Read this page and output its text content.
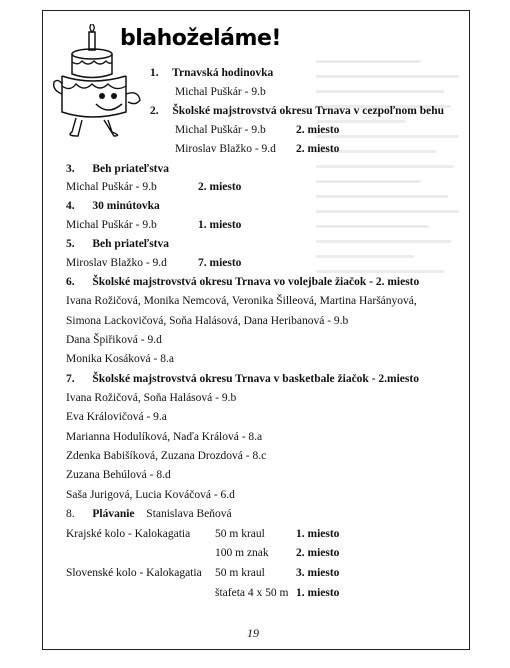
blahoželáme!
1. Trnavská hodinovka
Michal Puškár - 9.b
2. Školské majstrovstvá okresu Trnava v cezpoľnom behu
Michal Puškár - 9.b	2. miesto
Miroslav Blažko - 9.d 2. miesto
3. Beh priateľstva
Michal Puškár - 9.b	2. miesto
4. 30 minútovka
Michal Puškár - 9.b	1. miesto
5. Beh priateľstva
Miroslav Blažko - 9.d	7. miesto
6. Školské majstrovstvá okresu Trnava vo volejbale žiačok - 2. miesto
Ivana Rožičová, Monika Nemcová, Veronika Šilleová, Martina Haršányová,
Simona Lackovičová, Soňa Halásová, Dana Heribanová - 9.b
Dana Špiřiková - 9.d
Monika Kosáková - 8.a
7. Školské majstrovstvá okresu Trnava v basketbale žiačok - 2.miesto
Ivana Rožičová, Soňa Halásová - 9.b
Eva Královičová - 9.a
Marianna Hodulíková, Naďa Králová - 8.a
Zdenka Babišíková, Zuzana Drozdová - 8.c
Zuzana Behúlová - 8.d
Saša Jurigová, Lucia Kováčová - 6.d
8. Plávanie Stanislava Beňová
Krajské kolo - Kalokagatia 50 m kraul	1. miesto
100 m znak 2. miesto
Slovenské kolo - Kalokagatia 50 m kraul	3. miesto
štafeta 4 x 50 m 1. miesto
19
